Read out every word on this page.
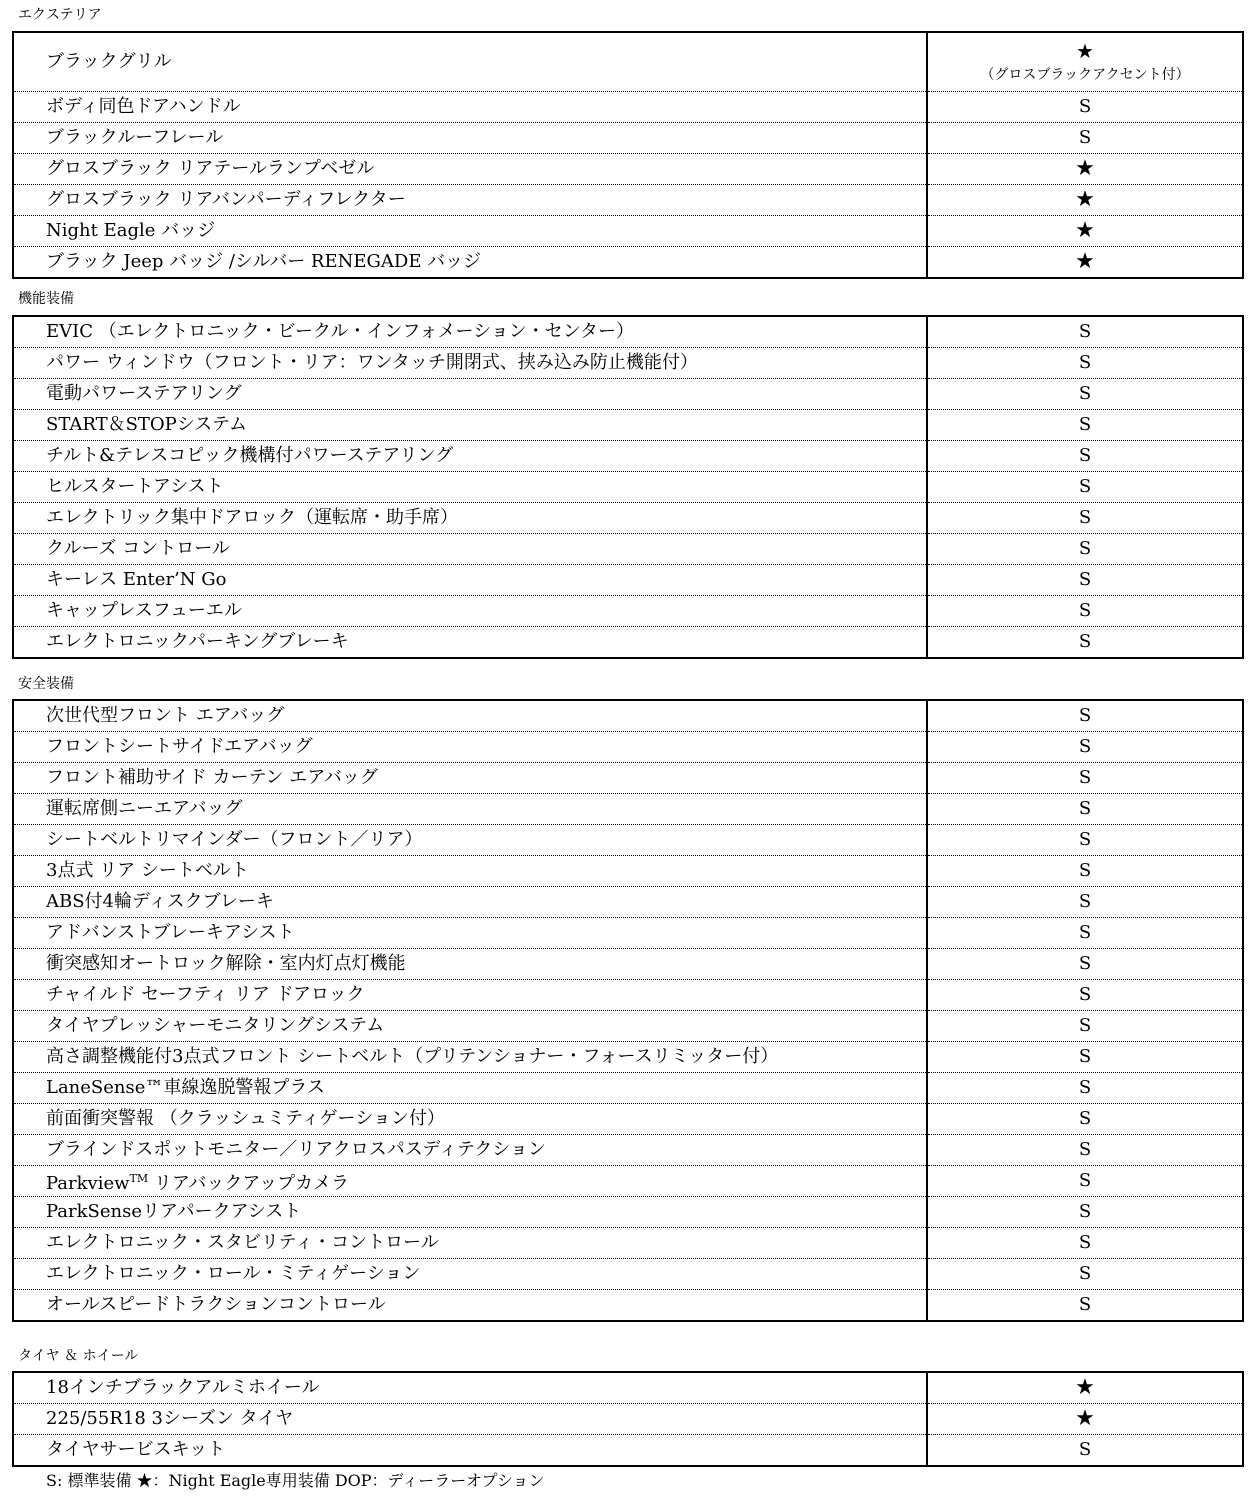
エクステリア
ブラックグリル	★
（グロスブラックアクセント付）

ボディ同色ドアハンドル	S
ブラックルーフレール	S
グロスブラック リアテールランプベゼル	★
グロスブラック リアバンパーディフレクター	★
Night Eagle バッジ	★
ブラック Jeep バッジ /シルバー RENEGADE バッジ	★
機能装備
EVIC （エレクトロニック・ビークル・インフォメーション・センター）	S
パワー ウィンドウ（フロント・リア：ワンタッチ開閉式、挟み込み防止機能付）	S
電動パワーステアリング	S
START＆STOPシステム	S
チルト&テレスコピック機構付パワーステアリング	S
ヒルスタートアシスト	S
エレクトリック集中ドアロック（運転席・助手席）	S
クルーズ コントロール	S
キーレス Enter’N Go	S
キャップレスフューエル	S
エレクトロニックパーキングブレーキ	S
安全装備
次世代型フロント エアバッグ	S
フロントシートサイドエアバッグ	S
フロント補助サイド カーテン エアバッグ	S
運転席側ニーエアバッグ	S
シートベルトリマインダー（フロント／リア）	S
3点式 リア シートベルト	S
ABS付4輪ディスクブレーキ	S
アドバンストブレーキアシスト	S
衝突感知オートロック解除・室内灯点灯機能	S
チャイルド セーフティ リア ドアロック	S
タイヤプレッシャーモニタリングシステム	S
高さ調整機能付3点式フロント シートベルト（プリテンショナー・フォースリミッター付）	S
LaneSense™車線逸脱警報プラス	S
前面衝突警報 （クラッシュミティゲーション付）	S
ブラインドスポットモニター／リアクロスパスディテクション	S
Parkview™ リアバックアップカメラ	S
ParkSenseリアパークアシスト	S
エレクトロニック・スタビリティ・コントロール	S
エレクトロニック・ロール・ミティゲーション	S
オールスピードトラクションコントロール	S
タイヤ ＆ ホイール
18インチブラックアルミホイール	★
225/55R18 3シーズン タイヤ	★
タイヤサービスキット	S
S: 標準装備 ★：Night Eagle専用装備 DOP：ディーラーオプション
